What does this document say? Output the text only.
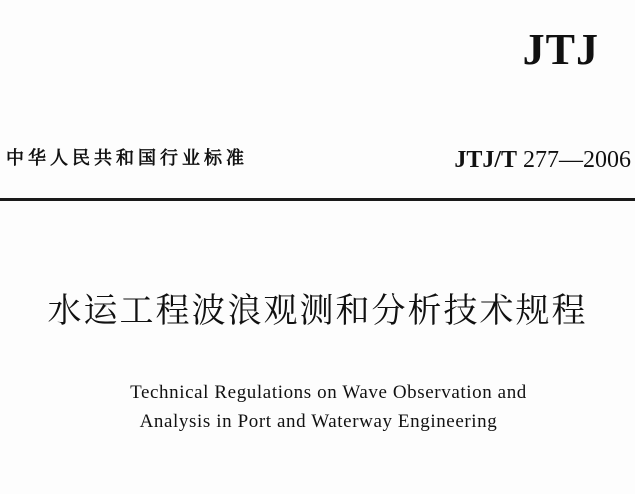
JTJ
中华人民共和国行业标准	JTJ/T 277—2006
水运工程波浪观测和分析技术规程
Technical Regulations on Wave Observation and
Analysis in Port and Waterway Engineering
